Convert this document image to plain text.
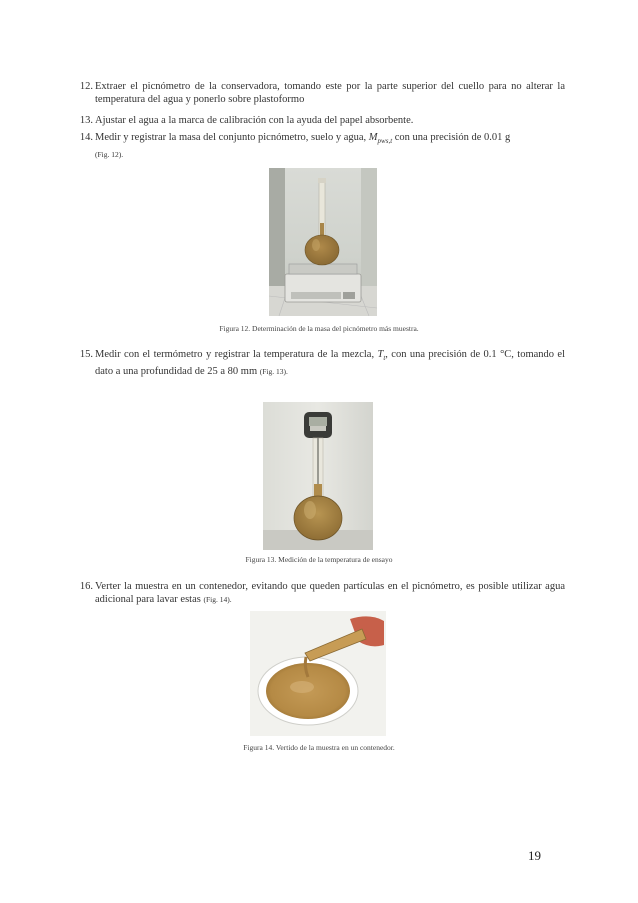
12. Extraer el picnómetro de la conservadora, tomando este por la parte superior del cuello para no alterar la temperatura del agua y ponerlo sobre plastoformo
13. Ajustar el agua a la marca de calibración con la ayuda del papel absorbente.
14. Medir y registrar la masa del conjunto picnómetro, suelo y agua, $M_{pws,t}$ con una precisión de 0.01 g
(Fig. 12).
Figura 12. Determinación de la masa del picnómetro más muestra.
15. Medir con el termómetro y registrar la temperatura de la mezcla, $T_t$, con una precisión de 0.1 °C, tomando el dato a una profundidad de 25 a 80 mm (Fig. 13).
Figura 13. Medición de la temperatura de ensayo
16. Verter la muestra en un contenedor, evitando que queden partículas en el picnómetro, es posible utilizar agua adicional para lavar estas (Fig. 14).
Figura 14. Vertido de la muestra en un contenedor.
19
